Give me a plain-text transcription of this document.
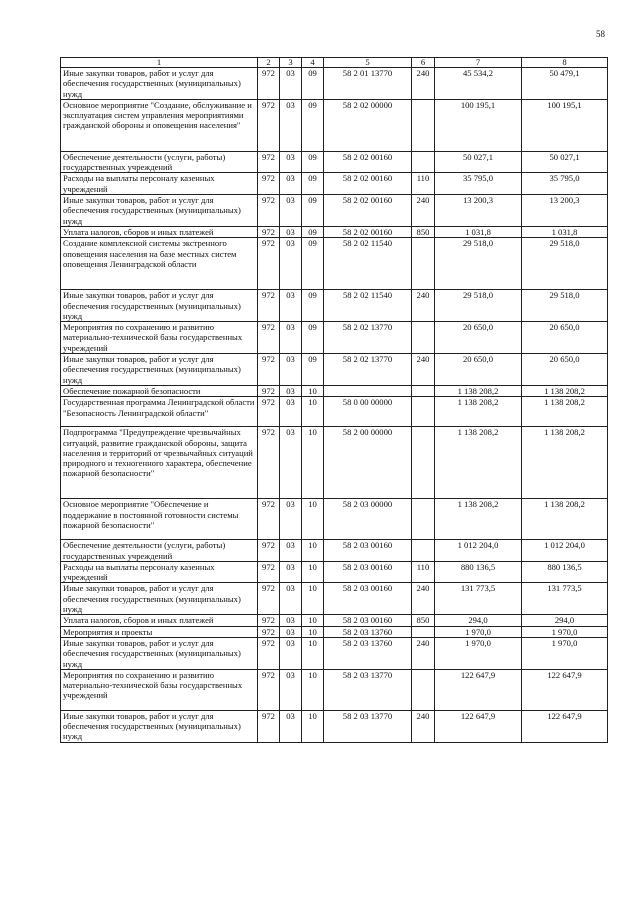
58
1	2	3	4	5	6	7	8
Иные закупки товаров, работ и услуг для обеспечения государственных (муниципальных) нужд	972	03	09	58 2 01 13770	240	45 534,2	50 479,1
Основное мероприятие "Создание, обслуживание и эксплуатация систем управления мероприятиями гражданской обороны и оповещения населения"	972	03	09	58 2 02 00000		100 195,1	100 195,1
Обеспечение деятельности (услуги, работы) государственных учреждений	972	03	09	58 2 02 00160		50 027,1	50 027,1
Расходы на выплаты персоналу казенных учреждений	972	03	09	58 2 02 00160	110	35 795,0	35 795,0
Иные закупки товаров, работ и услуг для обеспечения государственных (муниципальных) нужд	972	03	09	58 2 02 00160	240	13 200,3	13 200,3
Уплата налогов, сборов и иных платежей	972	03	09	58 2 02 00160	850	1 031,8	1 031,8
Создание комплексной системы экстренного оповещения населения на базе местных систем оповещения Ленинградской области	972	03	09	58 2 02 11540		29 518,0	29 518,0
Иные закупки товаров, работ и услуг для обеспечения государственных (муниципальных) нужд	972	03	09	58 2 02 11540	240	29 518,0	29 518,0
Мероприятия по сохранению и развитию материально-технической базы государственных учреждений	972	03	09	58 2 02 13770		20 650,0	20 650,0
Иные закупки товаров, работ и услуг для обеспечения государственных (муниципальных) нужд	972	03	09	58 2 02 13770	240	20 650,0	20 650,0
Обеспечение пожарной безопасности	972	03	10			1 138 208,2	1 138 208,2
Государственная программа Ленинградской области "Безопасность Ленинградской области"	972	03	10	58 0 00 00000		1 138 208,2	1 138 208,2
Подпрограмма "Предупреждение чрезвычайных ситуаций, развитие гражданской обороны, защита населения и территорий от чрезвычайных ситуаций природного и техногенного характера, обеспечение пожарной безопасности"	972	03	10	58 2 00 00000		1 138 208,2	1 138 208,2
Основное мероприятие "Обеспечение и поддержание в постоянной готовности системы пожарной безопасности"	972	03	10	58 2 03 00000		1 138 208,2	1 138 208,2
Обеспечение деятельности (услуги, работы) государственных учреждений	972	03	10	58 2 03 00160		1 012 204,0	1 012 204,0
Расходы на выплаты персоналу казенных учреждений	972	03	10	58 2 03 00160	110	880 136,5	880 136,5
Иные закупки товаров, работ и услуг для обеспечения государственных (муниципальных) нужд	972	03	10	58 2 03 00160	240	131 773,5	131 773,5
Уплата налогов, сборов и иных платежей	972	03	10	58 2 03 00160	850	294,0	294,0
Мероприятия и проекты	972	03	10	58 2 03 13760		1 970,0	1 970,0
Иные закупки товаров, работ и услуг для обеспечения государственных (муниципальных) нужд	972	03	10	58 2 03 13760	240	1 970,0	1 970,0
Мероприятия по сохранению и развитию материально-технической базы государственных учреждений	972	03	10	58 2 03 13770		122 647,9	122 647,9
Иные закупки товаров, работ и услуг для обеспечения государственных (муниципальных) нужд	972	03	10	58 2 03 13770	240	122 647,9	122 647,9
